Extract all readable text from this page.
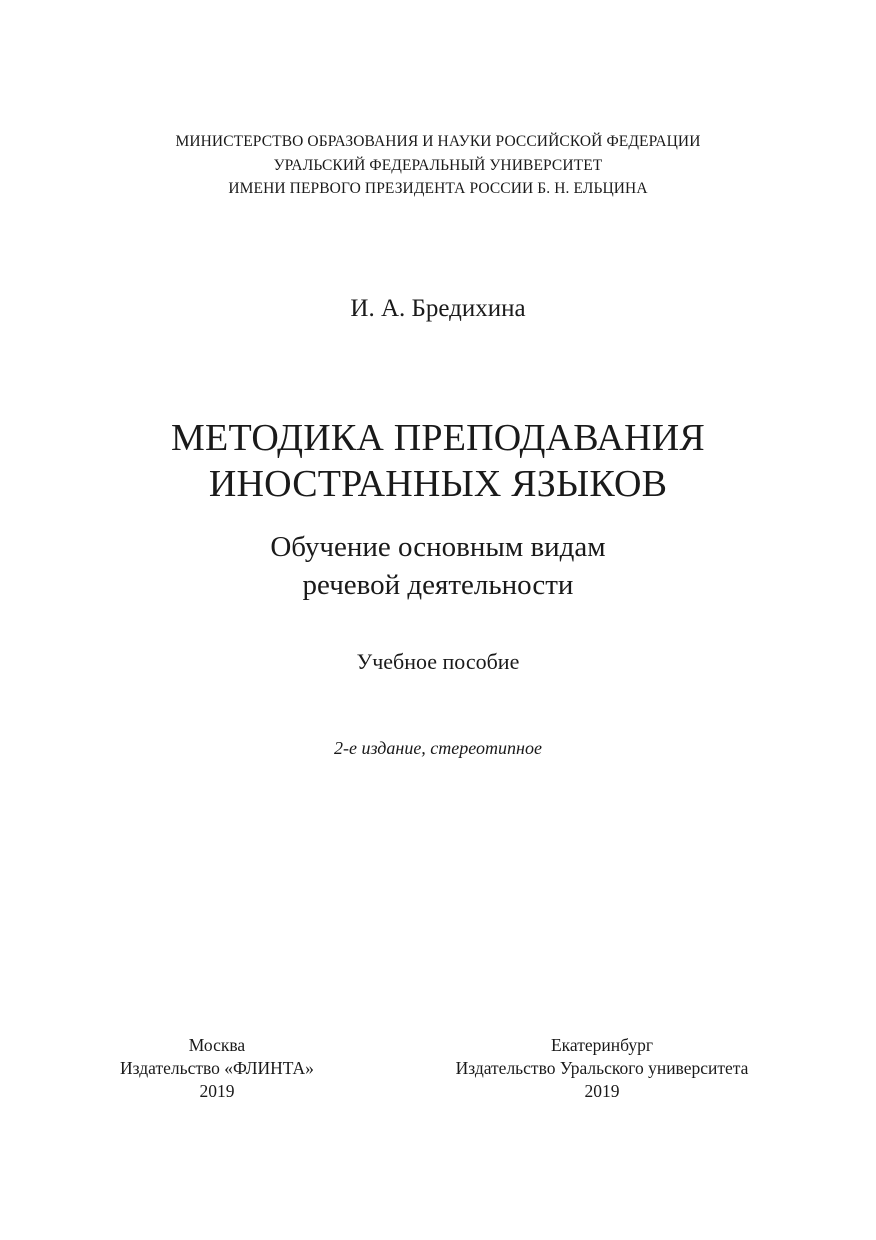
МИНИСТЕРСТВО ОБРАЗОВАНИЯ И НАУКИ РОССИЙСКОЙ ФЕДЕРАЦИИ
УРАЛЬСКИЙ ФЕДЕРАЛЬНЫЙ УНИВЕРСИТЕТ
ИМЕНИ ПЕРВОГО ПРЕЗИДЕНТА РОССИИ Б. Н. ЕЛЬЦИНА
И. А. Бредихина
МЕТОДИКА ПРЕПОДАВАНИЯ
ИНОСТРАННЫХ ЯЗЫКОВ
Обучение основным видам
речевой деятельности
Учебное пособие
2-е издание, стереотипное
Москва
Издательство «ФЛИНТА»
2019
Екатеринбург
Издательство Уральского университета
2019
